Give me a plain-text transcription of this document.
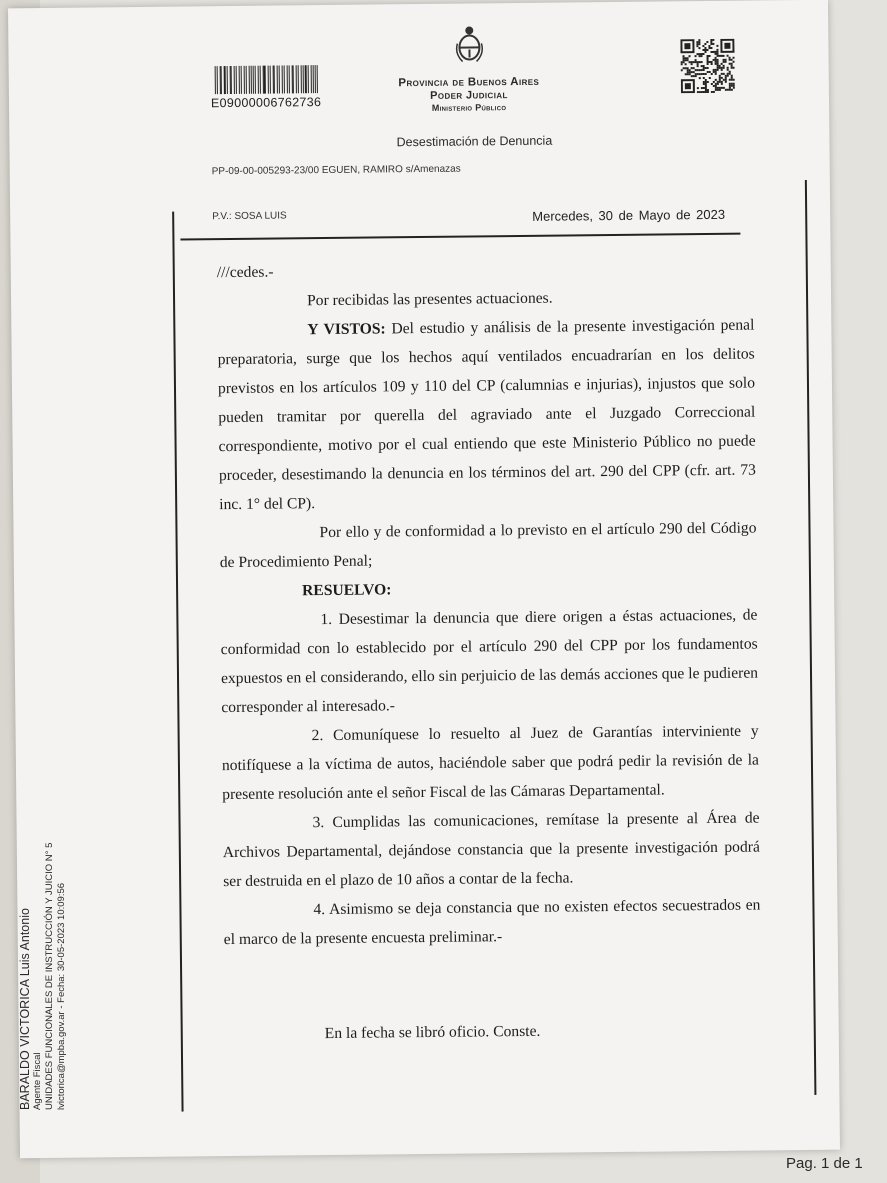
E09000006762736
Provincia de Buenos Aires
Poder Judicial
Ministerio Público
Desestimación de Denuncia
PP-09-00-005293-23/00 EGUEN, RAMIRO s/Amenazas
P.V.: SOSA LUIS	Mercedes, 30 de Mayo de 2023

///cedes.-

Por recibidas las presentes actuaciones.

Y VISTOS: Del estudio y análisis de la presente investigación penal preparatoria, surge que los hechos aquí ventilados encuadrarían en los delitos previstos en los artículos 109 y 110 del CP (calumnias e injurias), injustos que solo pueden tramitar por querella del agraviado ante el Juzgado Correccional correspondiente, motivo por el cual entiendo que este Ministerio Público no puede proceder, desestimando la denuncia en los términos del art. 290 del CPP (cfr. art. 73 inc. 1° del CP).

Por ello y de conformidad a lo previsto en el artículo 290 del Código de Procedimiento Penal;

RESUELVO:

1. Desestimar la denuncia que diere origen a éstas actuaciones, de conformidad con lo establecido por el artículo 290 del CPP por los fundamentos expuestos en el considerando, ello sin perjuicio de las demás acciones que le pudieren corresponder al interesado.-

2. Comuníquese lo resuelto al Juez de Garantías interviniente y notifíquese a la víctima de autos, haciéndole saber que podrá pedir la revisión de la presente resolución ante el señor Fiscal de las Cámaras Departamental.

3. Cumplidas las comunicaciones, remítase la presente al Área de Archivos Departamental, dejándose constancia que la presente investigación podrá ser destruida en el plazo de 10 años a contar de la fecha.

4. Asimismo se deja constancia que no existen efectos secuestrados en el marco de la presente encuesta preliminar.-

En la fecha se libró oficio. Conste.

BARALDO VICTORICA Luis Antonio Agente Fiscal UNIDADES FUNCIONALES DE INSTRUCCIÓN Y JUICIO N° 5 lvictorica@mpba.gov.ar - Fecha: 30-05-2023 10:09:56
Pag. 1 de 1
